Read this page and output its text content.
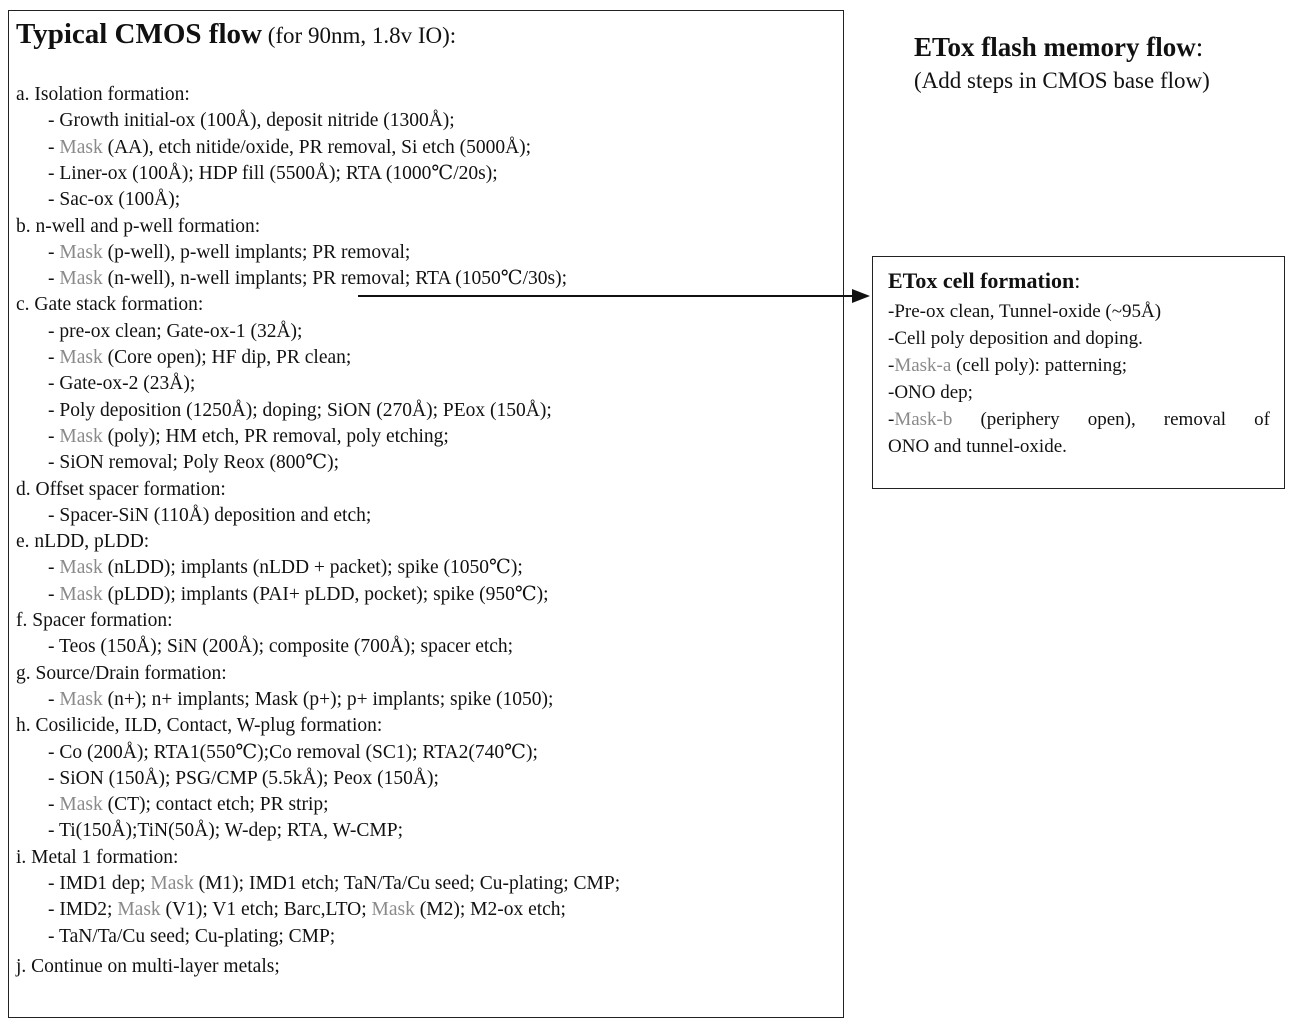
Typical CMOS flow (for 90nm, 1.8v IO):
a. Isolation formation:
- Growth initial-ox (100Å), deposit nitride (1300Å);
- Mask (AA), etch nitide/oxide, PR removal, Si etch (5000Å);
- Liner-ox (100Å); HDP fill (5500Å); RTA (1000℃/20s);
- Sac-ox (100Å);
b. n-well and p-well formation:
- Mask (p-well), p-well implants; PR removal;
- Mask (n-well), n-well implants; PR removal; RTA (1050℃/30s);
c. Gate stack formation:
- pre-ox clean; Gate-ox-1 (32Å);
- Mask (Core open); HF dip, PR clean;
- Gate-ox-2 (23Å);
- Poly deposition (1250Å); doping; SiON (270Å); PEox (150Å);
- Mask (poly); HM etch, PR removal, poly etching;
- SiON removal; Poly Reox (800℃);
d. Offset spacer formation:
- Spacer-SiN (110Å) deposition and etch;
e. nLDD, pLDD:
- Mask (nLDD); implants (nLDD + packet); spike (1050℃);
- Mask (pLDD); implants (PAI+ pLDD, pocket); spike (950℃);
f. Spacer formation:
- Teos (150Å); SiN (200Å); composite (700Å); spacer etch;
g. Source/Drain formation:
- Mask (n+); n+ implants; Mask (p+); p+ implants; spike (1050);
h. Cosilicide, ILD, Contact, W-plug formation:
- Co (200Å); RTA1(550℃);Co removal (SC1); RTA2(740℃);
- SiON (150Å); PSG/CMP (5.5kÅ); Peox (150Å);
- Mask (CT); contact etch; PR strip;
- Ti(150Å);TiN(50Å); W-dep; RTA, W-CMP;
i. Metal 1 formation:
- IMD1 dep; Mask (M1); IMD1 etch; TaN/Ta/Cu seed; Cu-plating; CMP;
- IMD2; Mask (V1); V1 etch; Barc,LTO; Mask (M2); M2-ox etch;
- TaN/Ta/Cu seed; Cu-plating; CMP;
j. Continue on multi-layer metals;
ETox flash memory flow:
(Add steps in CMOS base flow)
ETox cell formation:
-Pre-ox clean, Tunnel-oxide (~95Å)
-Cell poly deposition and doping.
-Mask-a (cell poly): patterning;
-ONO dep;
-Mask-b (periphery open), removal of
ONO and tunnel-oxide.
